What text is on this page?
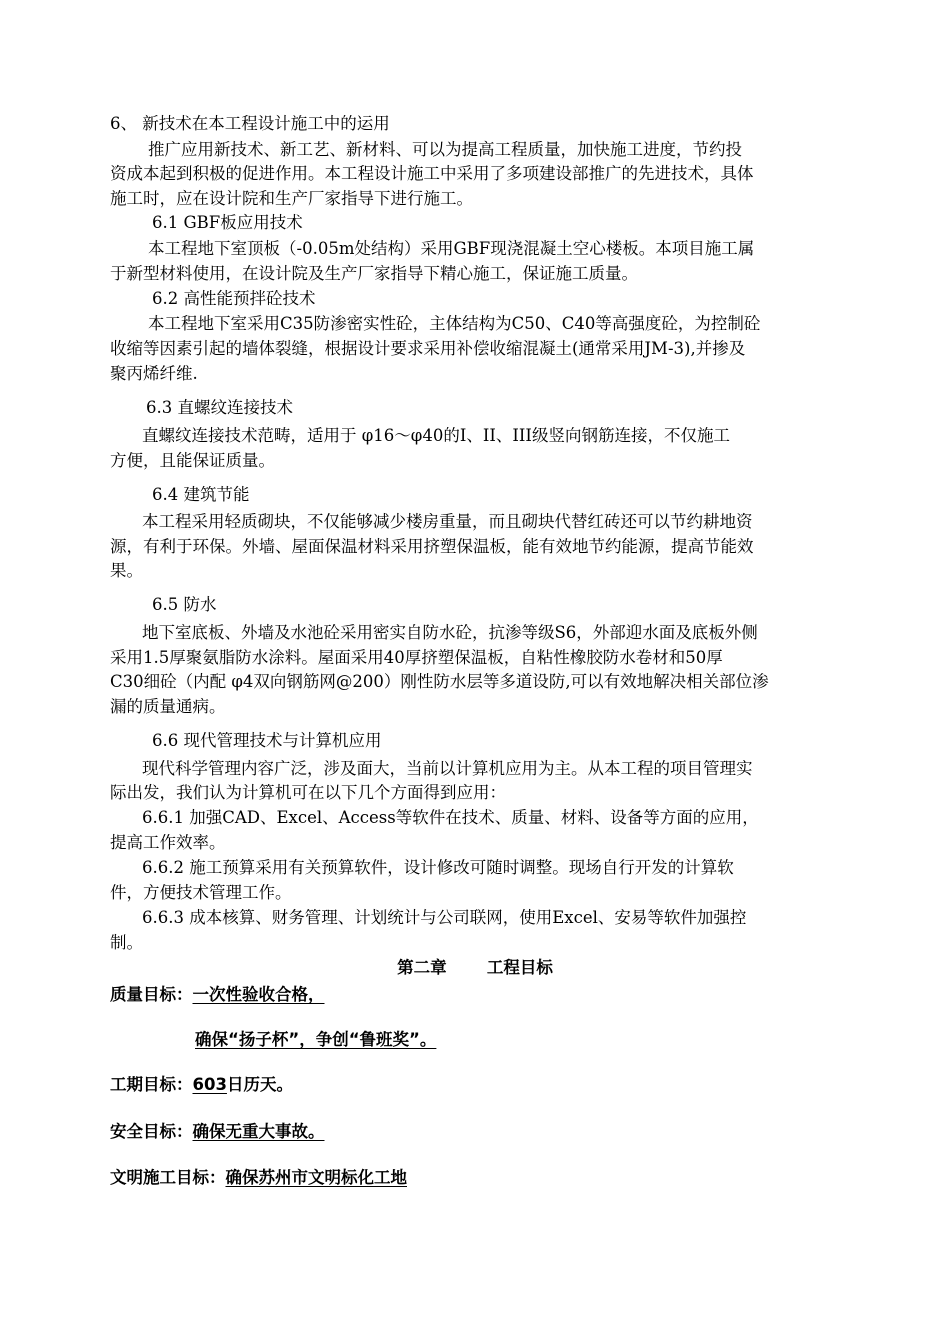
6、 新技术在本工程设计施工中的运用
推广应用新技术、新工艺、新材料、可以为提高工程质量，加快施工进度，节约投
资成本起到积极的促进作用。本工程设计施工中采用了多项建设部推广的先进技术，具体
施工时，应在设计院和生产厂家指导下进行施工。
6.1 GBF板应用技术
本工程地下室顶板（-0.05m处结构）采用GBF现浇混凝土空心楼板。本项目施工属
于新型材料使用，在设计院及生产厂家指导下精心施工，保证施工质量。
6.2 高性能预拌砼技术
本工程地下室采用C35防渗密实性砼，主体结构为C50、C40等高强度砼，为控制砼
收缩等因素引起的墙体裂缝，根据设计要求采用补偿收缩混凝土(通常采用JM-3),并掺及
聚丙烯纤维.
6.3 直螺纹连接技术
直螺纹连接技术范畴，适用于 φ16～φ40的I、II、III级竖向钢筋连接，不仅施工
方便，且能保证质量。
6.4 建筑节能
本工程采用轻质砌块，不仅能够减少楼房重量，而且砌块代替红砖还可以节约耕地资
源，有利于环保。外墙、屋面保温材料采用挤塑保温板，能有效地节约能源，提高节能效
果。
6.5 防水
地下室底板、外墙及水池砼采用密实自防水砼，抗渗等级S6，外部迎水面及底板外侧
采用1.5厚聚氨脂防水涂料。屋面采用40厚挤塑保温板，自粘性橡胶防水卷材和50厚
C30细砼（内配 φ4双向钢筋网@200）刚性防水层等多道设防,可以有效地解决相关部位渗
漏的质量通病。
6.6 现代管理技术与计算机应用
现代科学管理内容广泛，涉及面大，当前以计算机应用为主。从本工程的项目管理实
际出发，我们认为计算机可在以下几个方面得到应用：
6.6.1 加强CAD、Excel、Access等软件在技术、质量、材料、设备等方面的应用，
提高工作效率。
6.6.2 施工预算采用有关预算软件，设计修改可随时调整。现场自行开发的计算软
件，方便技术管理工作。
6.6.3 成本核算、财务管理、计划统计与公司联网，使用Excel、安易等软件加强控
制。
第二章       工程目标
质量目标：一次性验收合格，
确保“扬子杯”，争创“鲁班奖”。
工期目标：603日历天。
安全目标：确保无重大事故。
文明施工目标：确保苏州市文明标化工地
